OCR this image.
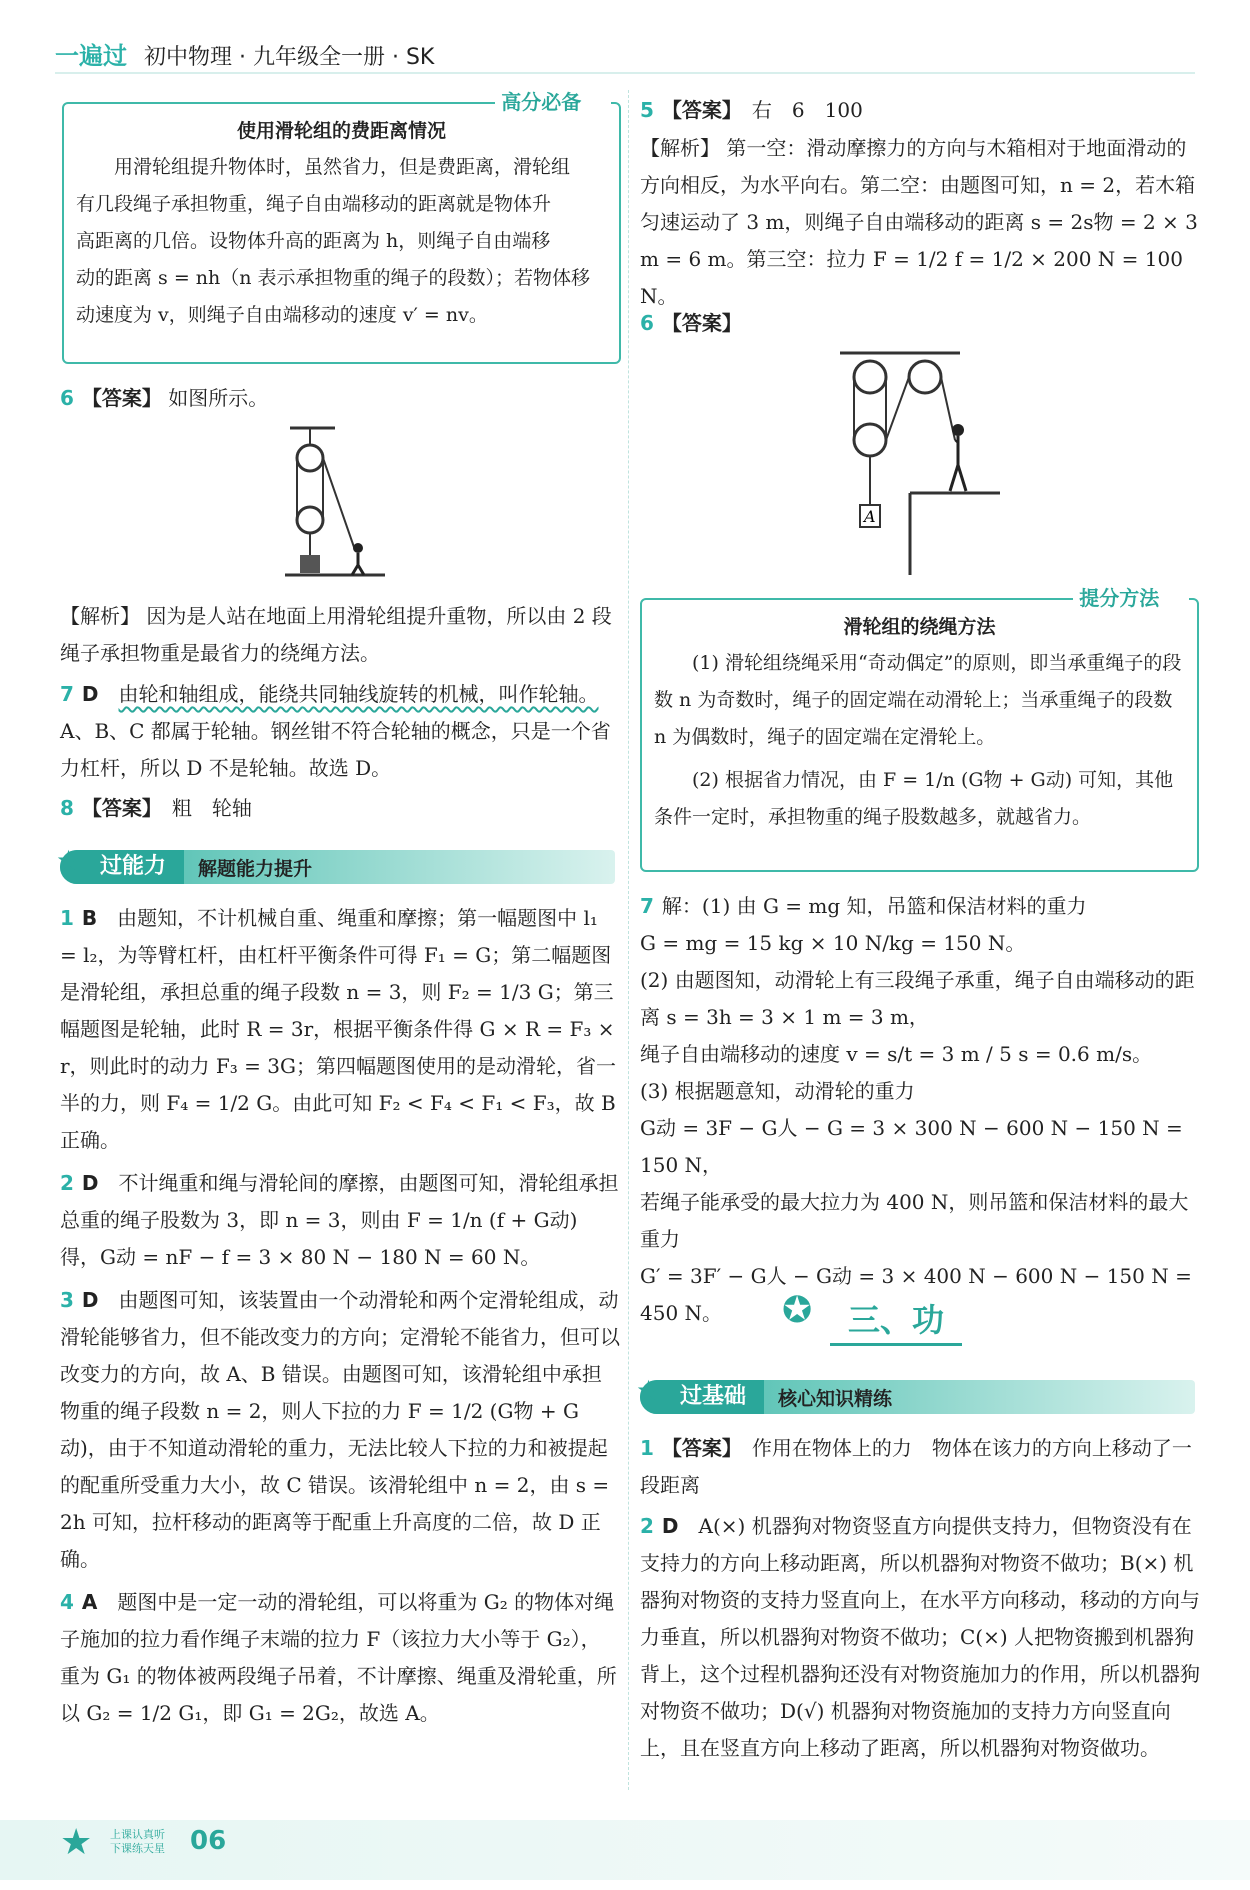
一遍过 初中物理 · 九年级全一册 · SK
高分必备 ✿
使用滑轮组的费距离情况
用滑轮组提升物体时，虽然省力，但是费距离，滑轮组
有几段绳子承担物重，绳子自由端移动的距离就是物体升
高距离的几倍。设物体升高的距离为 h，则绳子自由端移
动的距离 s = nh（n 表示承担物重的绳子的段数）；若物体移
动速度为 v，则绳子自由端移动的速度 v′ = nv。
6 【答案】 如图所示。
【解析】 因为是人站在地面上用滑轮组提升重物，所以由 2 段绳子承担物重是最省力的绕绳方法。
7 D　 由轮和轴组成，能绕共同轴线旋转的机械，叫作轮轴。A、B、C 都属于轮轴。钢丝钳不符合轮轴的概念，只是一个省力杠杆，所以 D 不是轮轴。故选 D。
8 【答案】　 粗　轮轴
过能力	解题能力提升
★

1 B　 由题知，不计机械自重、绳重和摩擦；第一幅题图中 l₁ = l₂，为等臂杠杆，由杠杆平衡条件可得 F₁ = G；第二幅题图是滑轮组，承担总重的绳子段数 n = 3，则 F₂ = 1/3 G；第三幅题图是轮轴，此时 R = 3r，根据平衡条件得 G × R = F₃ × r，则此时的动力 F₃ = 3G；第四幅题图使用的是动滑轮，省一半的力，则 F₄ = 1/2 G。由此可知 F₂ < F₄ < F₁ < F₃，故 B 正确。

2 D　 不计绳重和绳与滑轮间的摩擦，由题图可知，滑轮组承担总重的绳子股数为 3，即 n = 3，则由 F = 1/n (f + G动) 得，G动 = nF − f = 3 × 80 N − 180 N = 60 N。

3 D　 由题图可知，该装置由一个动滑轮和两个定滑轮组成，动滑轮能够省力，但不能改变力的方向；定滑轮不能省力，但可以改变力的方向，故 A、B 错误。由题图可知，该滑轮组中承担物重的绳子段数 n = 2，则人下拉的力 F = 1/2 (G物 + G动)，由于不知道动滑轮的重力，无法比较人下拉的力和被提起的配重所受重力大小，故 C 错误。该滑轮组中 n = 2，由 s = 2h 可知，拉杆移动的距离等于配重上升高度的二倍，故 D 正确。

4 A　 题图中是一定一动的滑轮组，可以将重为 G₂ 的物体对绳子施加的拉力看作绳子末端的拉力 F（该拉力大小等于 G₂），重为 G₁ 的物体被两段绳子吊着，不计摩擦、绳重及滑轮重，所以 G₂ = 1/2 G₁，即 G₁ = 2G₂，故选 A。

5 【答案】　 右　6　100
【解析】 第一空：滑动摩擦力的方向与木箱相对于地面滑动的方向相反，为水平向右。第二空：由题图可知，n = 2，若木箱匀速运动了 3 m，则绳子自由端移动的距离 s = 2s物 = 2 × 3 m = 6 m。第三空：拉力 F = 1/2 f = 1/2 × 200 N = 100 N。
6 【答案】
A
提分方法 ✿
滑轮组的绕绳方法
(1) 滑轮组绕绳采用“奇动偶定”的原则，即当承重绳子的段数 n 为奇数时，绳子的固定端在动滑轮上；当承重绳子的段数 n 为偶数时，绳子的固定端在定滑轮上。
(2) 根据省力情况，由 F = 1/n (G物 + G动) 可知，其他条件一定时，承担物重的绳子股数越多，就越省力。

7 解：(1) 由 G = mg 知，吊篮和保洁材料的重力

G = mg = 15 kg × 10 N/kg = 150 N。

(2) 由题图知，动滑轮上有三段绳子承重，绳子自由端移动的距离 s = 3h = 3 × 1 m = 3 m，

绳子自由端移动的速度 v = s/t = 3 m / 5 s = 0.6 m/s。

(3) 根据题意知，动滑轮的重力

G动 = 3F − G人 − G = 3 × 300 N − 600 N − 150 N = 150 N，

若绳子能承受的最大拉力为 400 N，则吊篮和保洁材料的最大重力

G′ = 3F′ − G人 − G动 = 3 × 400 N − 600 N − 150 N = 450 N。	三、功
✪
过基础	核心知识精练
★

1 【答案】　 作用在物体上的力　物体在该力的方向上移动了一段距离

2 D　 A(×) 机器狗对物资竖直方向提供支持力，但物资没有在支持力的方向上移动距离，所以机器狗对物资不做功；B(×) 机器狗对物资的支持力竖直向上，在水平方向移动，移动的方向与力垂直，所以机器狗对物资不做功；C(×) 人把物资搬到机器狗背上，这个过程机器狗还没有对物资施加力的作用，所以机器狗对物资不做功；D(√) 机器狗对物资施加的支持力方向竖直向上，且在竖直方向上移动了距离，所以机器狗对物资做功。

★ 上课认真听
下课练天星 06
